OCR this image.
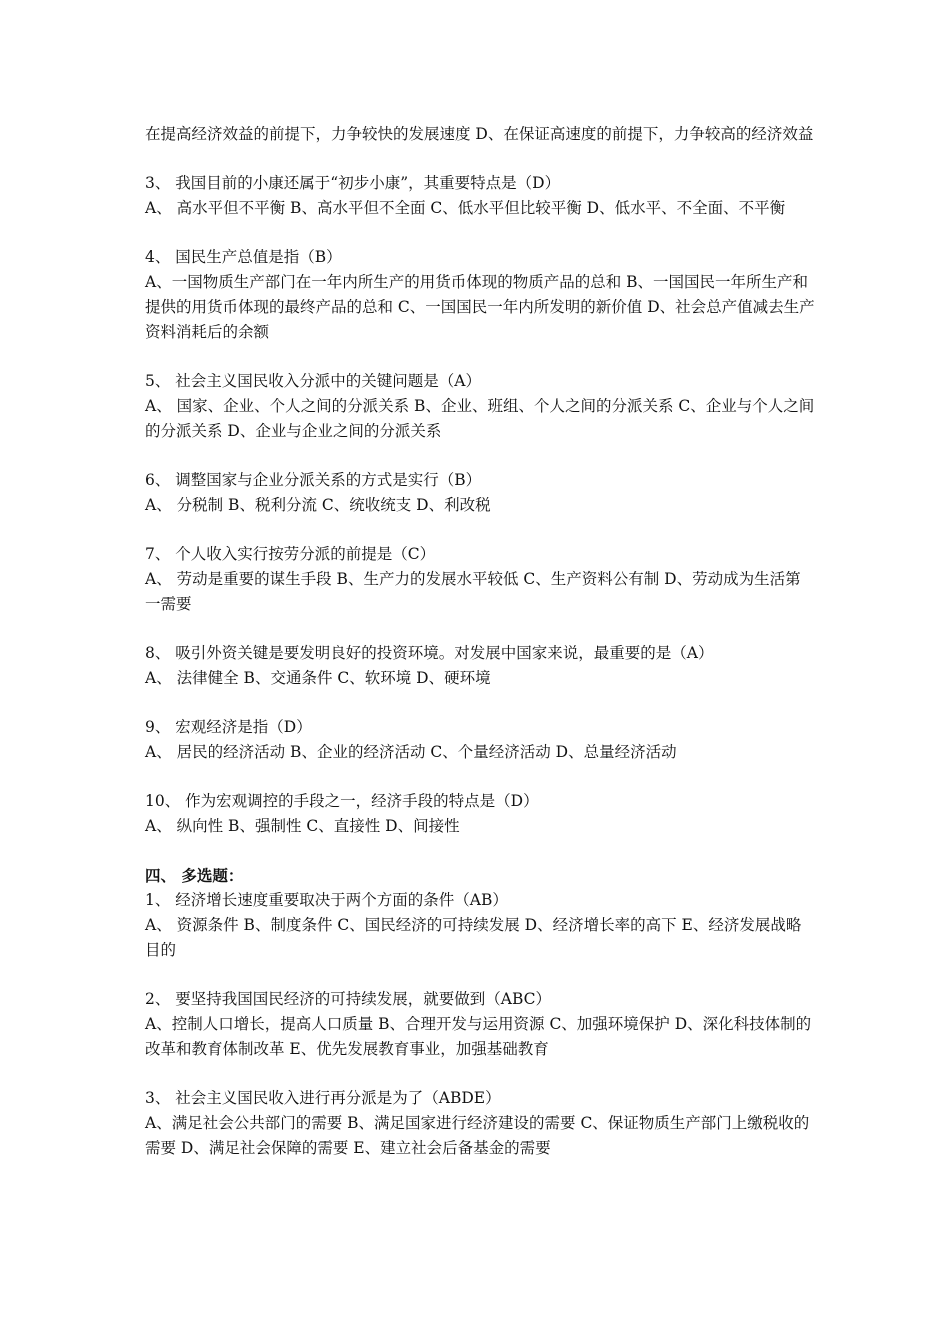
在提高经济效益的前提下，力争较快的发展速度 D、在保证高速度的前提下，力争较高的经济效益
3、 我国目前的小康还属于“初步小康”，其重要特点是（D）
A、 高水平但不平衡 B、高水平但不全面 C、低水平但比较平衡 D、低水平、不全面、不平衡
4、 国民生产总值是指（B）
A、一国物质生产部门在一年内所生产的用货币体现的物质产品的总和 B、一国国民一年所生产和提供的用货币体现的最终产品的总和 C、一国国民一年内所发明的新价值 D、社会总产值减去生产资料消耗后的余额
5、 社会主义国民收入分派中的关键问题是（A）
A、 国家、企业、个人之间的分派关系 B、企业、班组、个人之间的分派关系 C、企业与个人之间的分派关系 D、企业与企业之间的分派关系
6、 调整国家与企业分派关系的方式是实行（B）
A、 分税制 B、税利分流 C、统收统支 D、利改税
7、 个人收入实行按劳分派的前提是（C）
A、 劳动是重要的谋生手段 B、生产力的发展水平较低 C、生产资料公有制 D、劳动成为生活第一需要
8、 吸引外资关键是要发明良好的投资环境。对发展中国家来说，最重要的是（A）
A、 法律健全 B、交通条件 C、软环境 D、硬环境
9、 宏观经济是指（D）
A、 居民的经济活动 B、企业的经济活动 C、个量经济活动 D、总量经济活动
10、 作为宏观调控的手段之一，经济手段的特点是（D）
A、 纵向性 B、强制性 C、直接性 D、间接性
四、 多选题：
1、 经济增长速度重要取决于两个方面的条件（AB）
A、 资源条件 B、制度条件 C、国民经济的可持续发展 D、经济增长率的高下 E、经济发展战略目的
2、 要坚持我国国民经济的可持续发展，就要做到（ABC）
A、控制人口增长，提高人口质量 B、合理开发与运用资源 C、加强环境保护 D、深化科技体制的改革和教育体制改革 E、优先发展教育事业，加强基础教育
3、 社会主义国民收入进行再分派是为了（ABDE）
A、满足社会公共部门的需要 B、满足国家进行经济建设的需要 C、保证物质生产部门上缴税收的需要 D、满足社会保障的需要 E、建立社会后备基金的需要
